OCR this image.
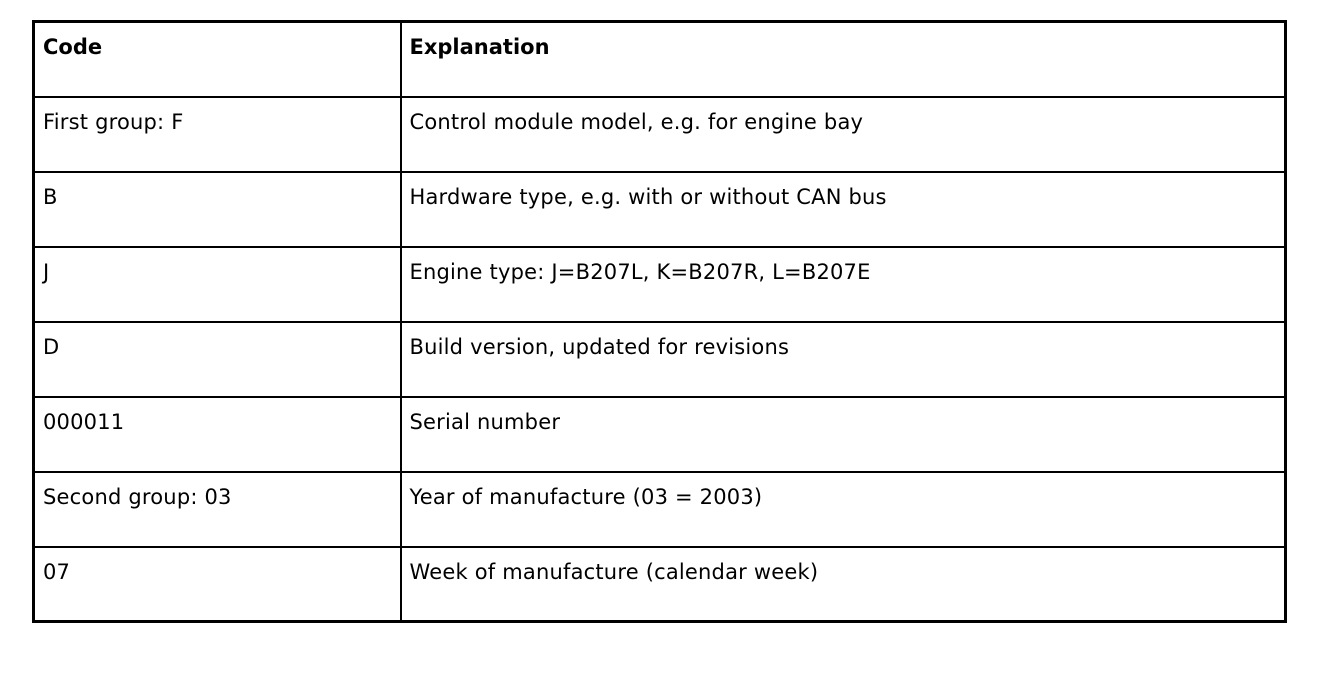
Code	Explanation
First group: F	Control module model, e.g. for engine bay
B	Hardware type, e.g. with or without CAN bus
J	Engine type: J=B207L, K=B207R, L=B207E
D	Build version, updated for revisions
000011	Serial number
Second group: 03	Year of manufacture (03 = 2003)
07	Week of manufacture (calendar week)
